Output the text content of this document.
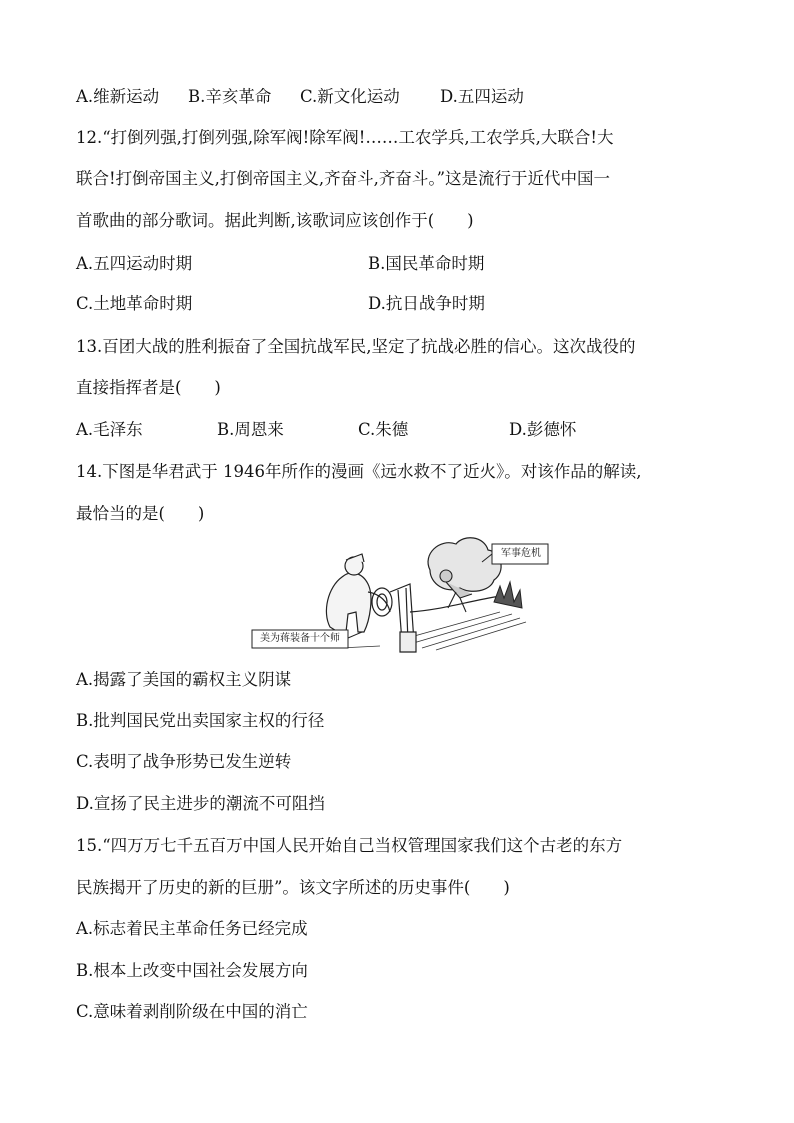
A.维新运动 B.辛亥革命 C.新文化运动 D.五四运动
12.“打倒列强,打倒列强,除军阀!除军阀!……工农学兵,工农学兵,大联合!大
联合!打倒帝国主义,打倒帝国主义,齐奋斗,齐奋斗。”这是流行于近代中国一
首歌曲的部分歌词。据此判断,该歌词应该创作于(　　)
A.五四运动时期	B.国民革命时期
C.土地革命时期	D.抗日战争时期
13.百团大战的胜利振奋了全国抗战军民,坚定了抗战必胜的信心。这次战役的
直接指挥者是(　　)
A.毛泽东	B.周恩来	C.朱德	D.彭德怀
14.下图是华君武于 1946年所作的漫画《远水救不了近火》。对该作品的解读,
最恰当的是(　　)
军事危机
美为蒋装备十个师
A.揭露了美国的霸权主义阴谋
B.批判国民党出卖国家主权的行径
C.表明了战争形势已发生逆转
D.宣扬了民主进步的潮流不可阻挡
15.“四万万七千五百万中国人民开始自己当权管理国家我们这个古老的东方
民族揭开了历史的新的巨册”。该文字所述的历史事件(　　)
A.标志着民主革命任务已经完成
B.根本上改变中国社会发展方向
C.意味着剥削阶级在中国的消亡
